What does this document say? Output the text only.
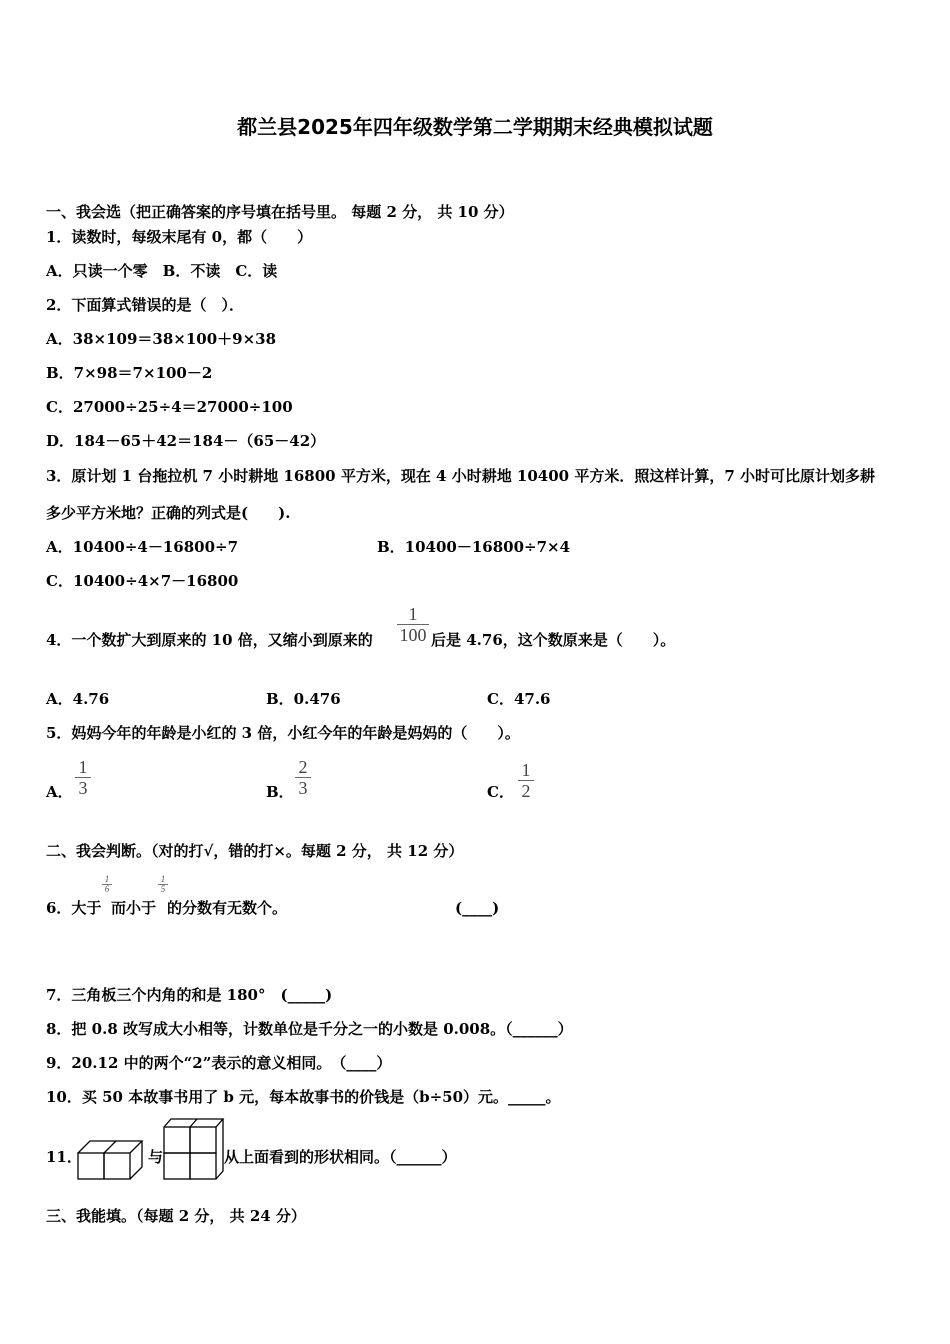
都兰县2025年四年级数学第二学期期末经典模拟试题
一、我会选（把正确答案的序号填在括号里。 每题 2 分， 共 10 分）
1．读数时，每级末尾有 0，都（　　）
A．只读一个零　B．不读　C．读
2．下面算式错误的是（　）．
A．38×109＝38×100＋9×38
B．7×98＝7×100－2
C．27000÷25÷4＝27000÷100
D．184－65＋42＝184－（65－42）
3．原计划 1 台拖拉机 7 小时耕地 16800 平方米，现在 4 小时耕地 10400 平方米．照这样计算，7 小时可比原计划多耕
多少平方米地？正确的列式是(　　).
A．10400÷4－16800÷7	B．10400－16800÷7×4
C．10400÷4×7－16800
4．一个数扩大到原来的 10 倍，又缩小到原来的
1
100 后是 4.76，这个数原来是（　　）。
A．4.76	B．0.476	C．47.6
5．妈妈今年的年龄是小红的 3 倍，小红今年的年龄是妈妈的（　　）。
A．
1
3	B．
2
3	C．
1
2
二、我会判断。（对的打√，错的打×。每题 2 分， 共 12 分）
6．大于
1
6
而小于
1
5
的分数有无数个。	(____)
7．三角板三个内角的和是 180°　(_____)
8．把 0.8 改写成大小相等，计数单位是千分之一的小数是 0.008。（______）
9．20.12 中的两个“2”表示的意义相同。　（____）
10．买 50 本故事书用了 b 元，每本故事书的价钱是（b÷50）元。_____。
11．	与	从上面看到的形状相同。（______）
三、我能填。（每题 2 分， 共 24 分）
